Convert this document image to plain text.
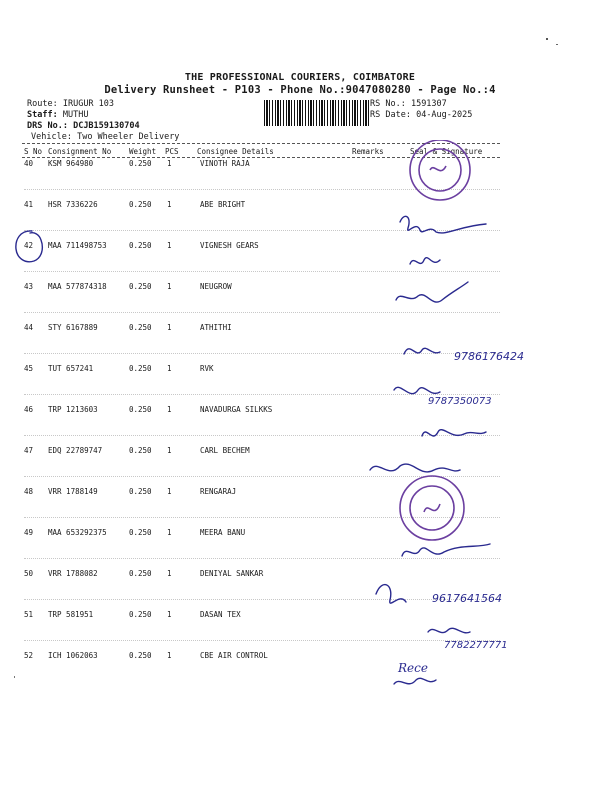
THE PROFESSIONAL COURIERS, COIMBATORE
Delivery Runsheet - P103 - Phone No.:9047080280 - Page No.:4
Route: IRUGUR 103
Staff: MUTHU
DRS No.: DCJB159130704
Vehicle: Two Wheeler Delivery
RS No.: 1591307
RS Date: 04-Aug-2025
S No Consignment No Weight PCS Consignee Details	Remarks	Seal & Signature
40 KSM 964980	0.250 1	VINOTH RAJA
41 HSR 7336226	0.250 1	ABE BRIGHT
42 MAA 711498753	0.250 1	VIGNESH GEARS
43 MAA 577874318	0.250 1	NEUGROW
44 STY 6167889	0.250 1	ATHITHI
45 TUT 657241	0.250 1	RVK
46 TRP 1213603	0.250 1	NAVADURGA SILKKS
47 EDQ 22789747	0.250 1	CARL BECHEM
48 VRR 1788149	0.250 1	RENGARAJ
49 MAA 653292375	0.250 1	MEERA BANU
50 VRR 1788082	0.250 1	DENIYAL SANKAR
51 TRP 581951	0.250 1	DASAN TEX
52 ICH 1062063	0.250 1	CBE AIR CONTROL
9786176424
9787350073
9617641564
7782277771
Rece
